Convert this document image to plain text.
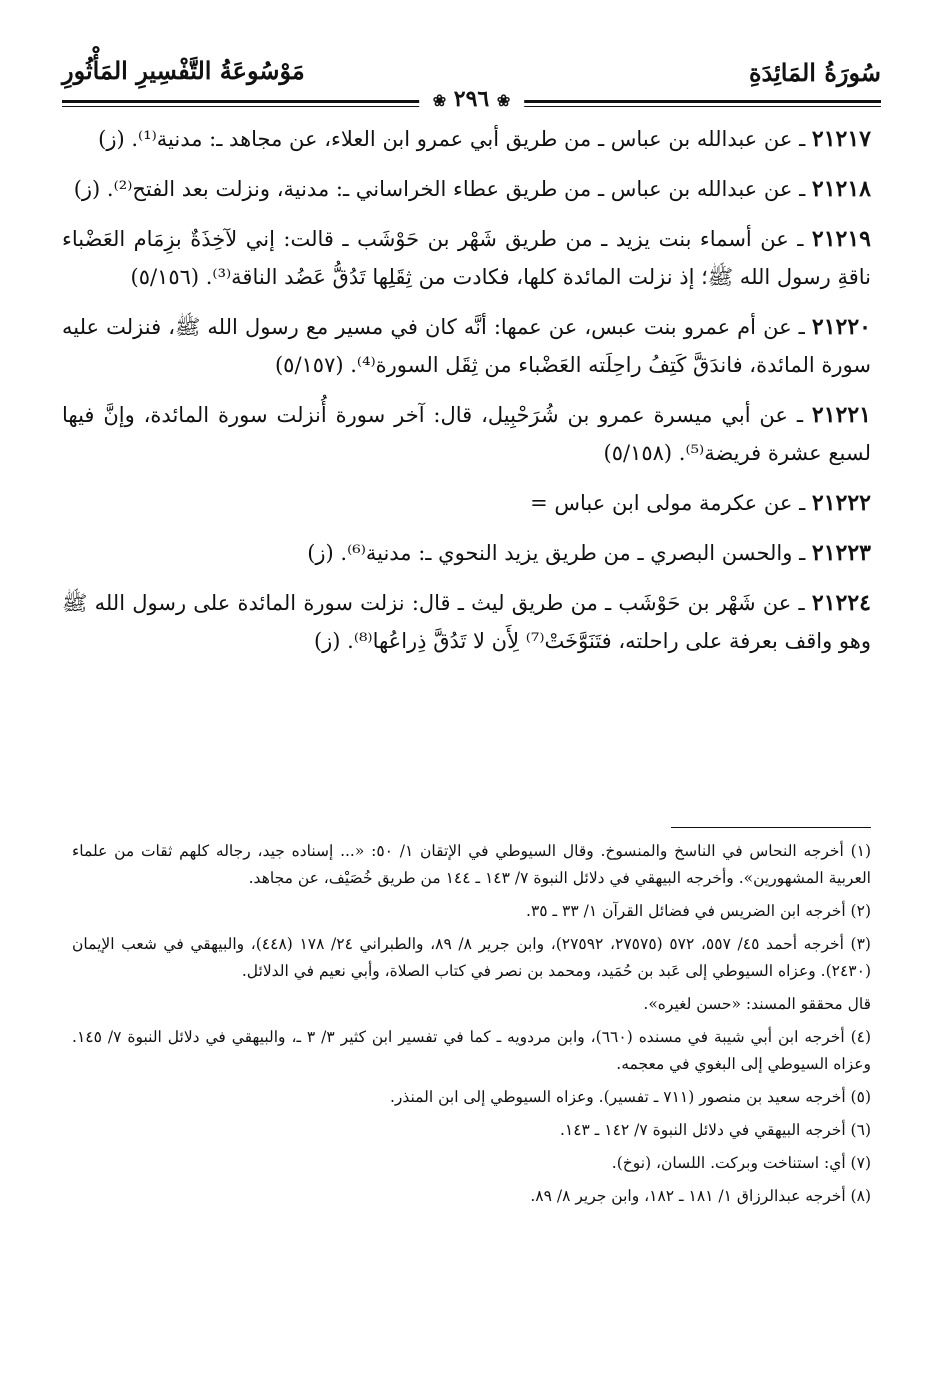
سُورَةُ المَائِدَةِ
مَوْسُوعَةُ التَّفْسِيرِ المَأْثُورِ
❀ ٢٩٦ ❀

٢١٢١٧ ـ عن عبدالله بن عباس ـ من طريق أبي عمرو ابن العلاء، عن مجاهد ـ: مدنية⁽¹⁾. (ز)

٢١٢١٨ ـ عن عبدالله بن عباس ـ من طريق عطاء الخراساني ـ: مدنية، ونزلت بعد الفتح⁽²⁾. (ز)

٢١٢١٩ ـ عن أسماء بنت يزيد ـ من طريق شَهْر بن حَوْشَب ـ قالت: إني لآخِذَةٌ بزِمَام العَضْباء ناقةِ رسول الله ﷺ؛ إذ نزلت المائدة كلها، فكادت من ثِقَلِها تَدُقُّ عَضُد الناقة⁽³⁾. (٥/١٥٦)

٢١٢٢٠ ـ عن أم عمرو بنت عبس، عن عمها: أنَّه كان في مسير مع رسول الله ﷺ، فنزلت عليه سورة المائدة، فاندَقَّ كَتِفُ راحِلَته العَضْباء من ثِقَل السورة⁽⁴⁾. (٥/١٥٧)

٢١٢٢١ ـ عن أبي ميسرة عمرو بن شُرَحْبِيل، قال: آخر سورة أُنزلت سورة المائدة، وإنَّ فيها لسبع عشرة فريضة⁽⁵⁾. (٥/١٥٨)

٢١٢٢٢ ـ عن عكرمة مولى ابن عباس =

٢١٢٢٣ ـ والحسن البصري ـ من طريق يزيد النحوي ـ: مدنية⁽⁶⁾. (ز)

٢١٢٢٤ ـ عن شَهْر بن حَوْشَب ـ من طريق ليث ـ قال: نزلت سورة المائدة على رسول الله ﷺ وهو واقف بعرفة على راحلته، فتَنَوَّخَتْ⁽⁷⁾ لِأَن لا تَدُقَّ ذِراعُها⁽⁸⁾. (ز)

(١) أخرجه النحاس في الناسخ والمنسوخ. وقال السيوطي في الإتقان ١/ ٥٠: «... إسناده جيد، رجاله كلهم ثقات من علماء العربية المشهورين». وأخرجه البيهقي في دلائل النبوة ٧/ ١٤٣ ـ ١٤٤ من طريق خُصَيْف، عن مجاهد.

(٢) أخرجه ابن الضريس في فضائل القرآن ١/ ٣٣ ـ ٣٥.

(٣) أخرجه أحمد ٤٥/ ٥٥٧، ٥٧٢ (٢٧٥٧٥، ٢٧٥٩٢)، وابن جرير ٨/ ٨٩، والطبراني ٢٤/ ١٧٨ (٤٤٨)، والبيهقي في شعب الإيمان (٢٤٣٠). وعزاه السيوطي إلى عَبد بن حُمَيد، ومحمد بن نصر في كتاب الصلاة، وأبي نعيم في الدلائل.

قال محققو المسند: «حسن لغيره».

(٤) أخرجه ابن أبي شيبة في مسنده (٦٦٠)، وابن مردويه ـ كما في تفسير ابن كثير ٣/ ٣ ـ، والبيهقي في دلائل النبوة ٧/ ١٤٥. وعزاه السيوطي إلى البغوي في معجمه.

(٥) أخرجه سعيد بن منصور (٧١١ ـ تفسير). وعزاه السيوطي إلى ابن المنذر.

(٦) أخرجه البيهقي في دلائل النبوة ٧/ ١٤٢ ـ ١٤٣.

(٧) أي: استناخت وبركت. اللسان، (نوخ).

(٨) أخرجه عبدالرزاق ١/ ١٨١ ـ ١٨٢، وابن جرير ٨/ ٨٩.
